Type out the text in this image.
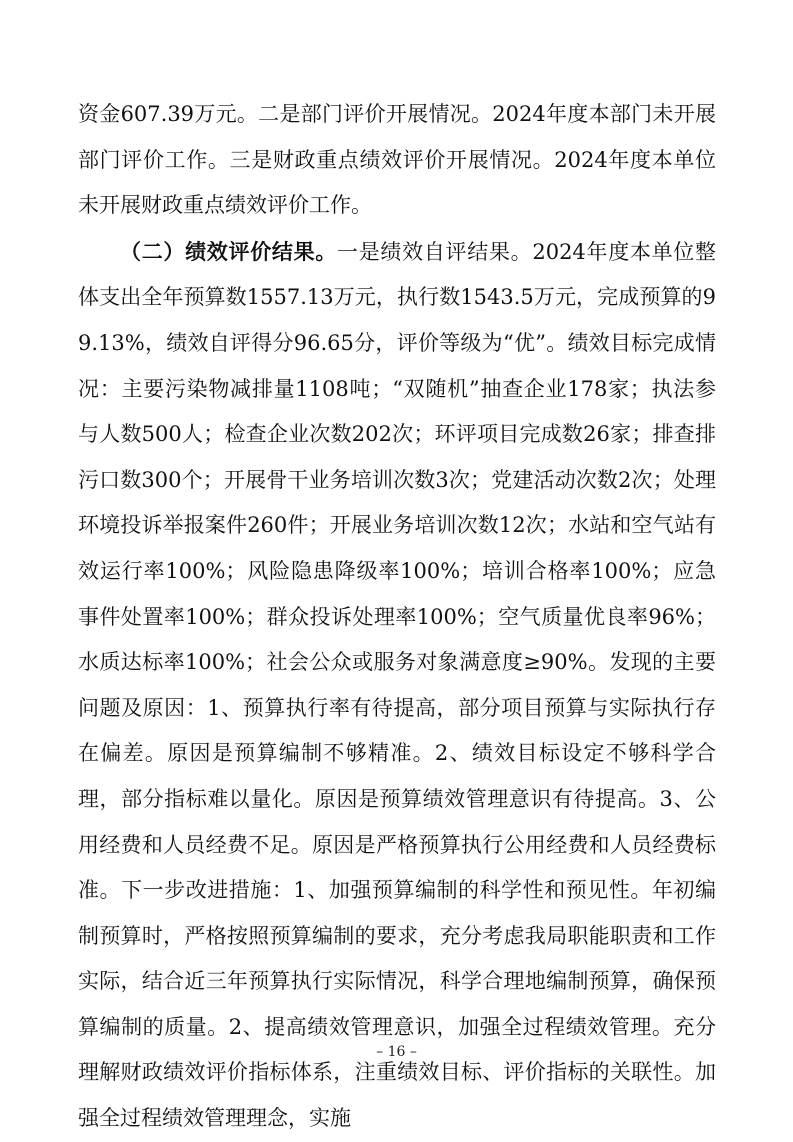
资金607.39万元。二是部门评价开展情况。2024年度本部门未开展部门评价工作。三是财政重点绩效评价开展情况。2024年度本单位未开展财政重点绩效评价工作。

（二）绩效评价结果。一是绩效自评结果。2024年度本单位整体支出全年预算数1557.13万元，执行数1543.5万元，完成预算的99.13%，绩效自评得分96.65分，评价等级为“优”。绩效目标完成情况：主要污染物减排量1108吨；“双随机”抽查企业178家；执法参与人数500人；检查企业次数202次；环评项目完成数26家；排查排污口数300个；开展骨干业务培训次数3次；党建活动次数2次；处理环境投诉举报案件260件；开展业务培训次数12次；水站和空气站有效运行率100%；风险隐患降级率100%；培训合格率100%；应急事件处置率100%；群众投诉处理率100%；空气质量优良率96%；水质达标率100%；社会公众或服务对象满意度≥90%。发现的主要问题及原因：1、预算执行率有待提高，部分项目预算与实际执行存在偏差。原因是预算编制不够精准。2、绩效目标设定不够科学合理，部分指标难以量化。原因是预算绩效管理意识有待提高。3、公用经费和人员经费不足。原因是严格预算执行公用经费和人员经费标准。下一步改进措施：1、加强预算编制的科学性和预见性。年初编制预算时，严格按照预算编制的要求，充分考虑我局职能职责和工作实际，结合近三年预算执行实际情况，科学合理地编制预算，确保预算编制的质量。2、提高绩效管理意识，加强全过程绩效管理。充分理解财政绩效评价指标体系，注重绩效目标、评价指标的关联性。加强全过程绩效管理理念，实施

– 16 –
